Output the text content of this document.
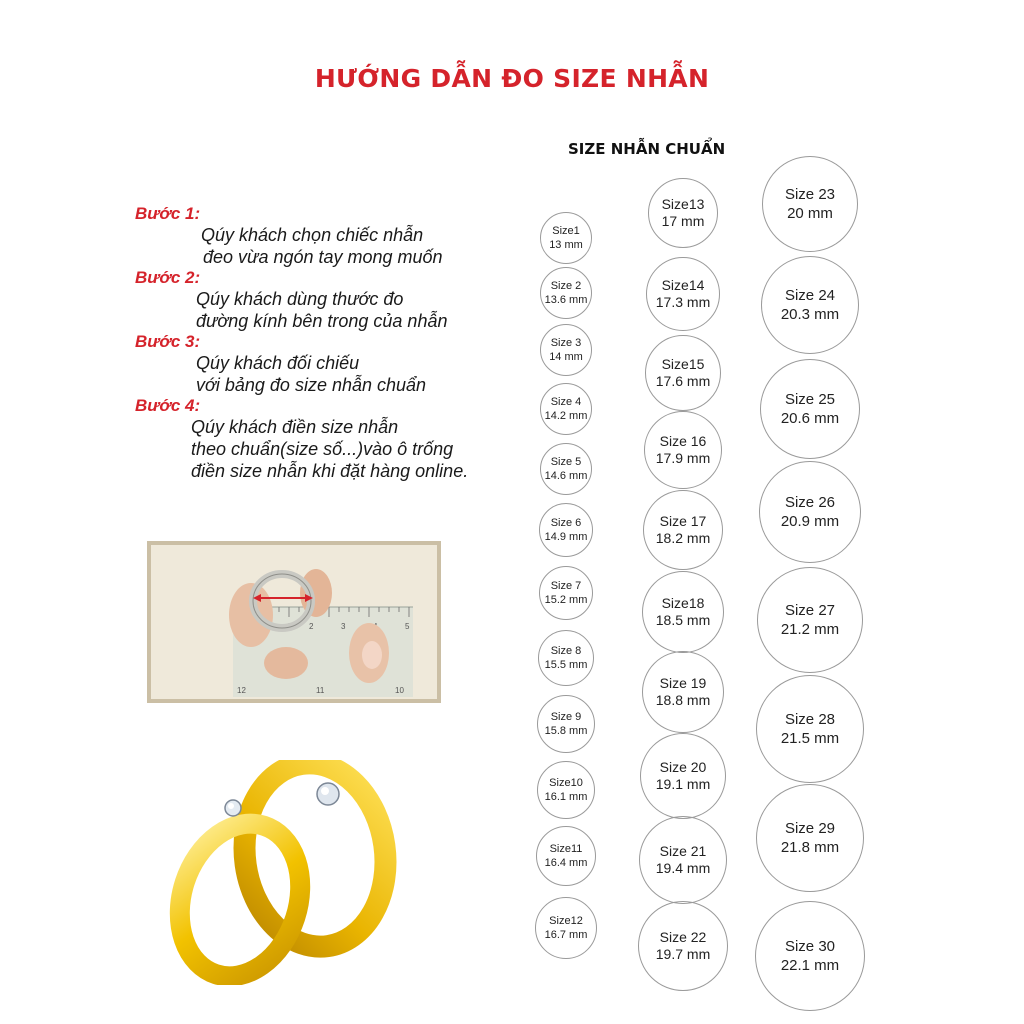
HƯỚNG DẪN ĐO SIZE NHẪN
SIZE NHẪN CHUẨN
Bước 1:
Qúy khách chọn chiếc nhẫn
đeo vừa ngón tay mong muốn
Bước 2:
Qúy khách dùng thước đo
đường kính bên trong của nhẫn
Bước 3:
Qúy khách đối chiếu
với bảng đo size nhẫn chuẩn
Bước 4:
Qúy khách điền size nhẫn
theo chuẩn(size số...)vào ô trống
điền size nhẫn khi đặt hàng online.
1 2	3	5
12	11	10
Size1
13 mm
Size 2
13.6 mm
Size 3
14 mm
Size 4
14.2 mm
Size 5
14.6 mm
Size 6
14.9 mm
Size 7
15.2 mm
Size 8
15.5 mm
Size 9
15.8 mm
Size10
16.1 mm
Size11
16.4 mm
Size12
16.7 mm
Size13
17 mm
Size14
17.3 mm
Size15
17.6 mm
Size 16
17.9 mm
Size 17
18.2 mm
Size18
18.5 mm
Size 19
18.8 mm
Size 20
19.1 mm
Size 21
19.4 mm
Size 22
19.7 mm
Size 23
20 mm
Size 24
20.3 mm
Size 25
20.6 mm
Size 26
20.9 mm
Size 27
21.2 mm
Size 28
21.5 mm
Size 29
21.8 mm
Size 30
22.1 mm
